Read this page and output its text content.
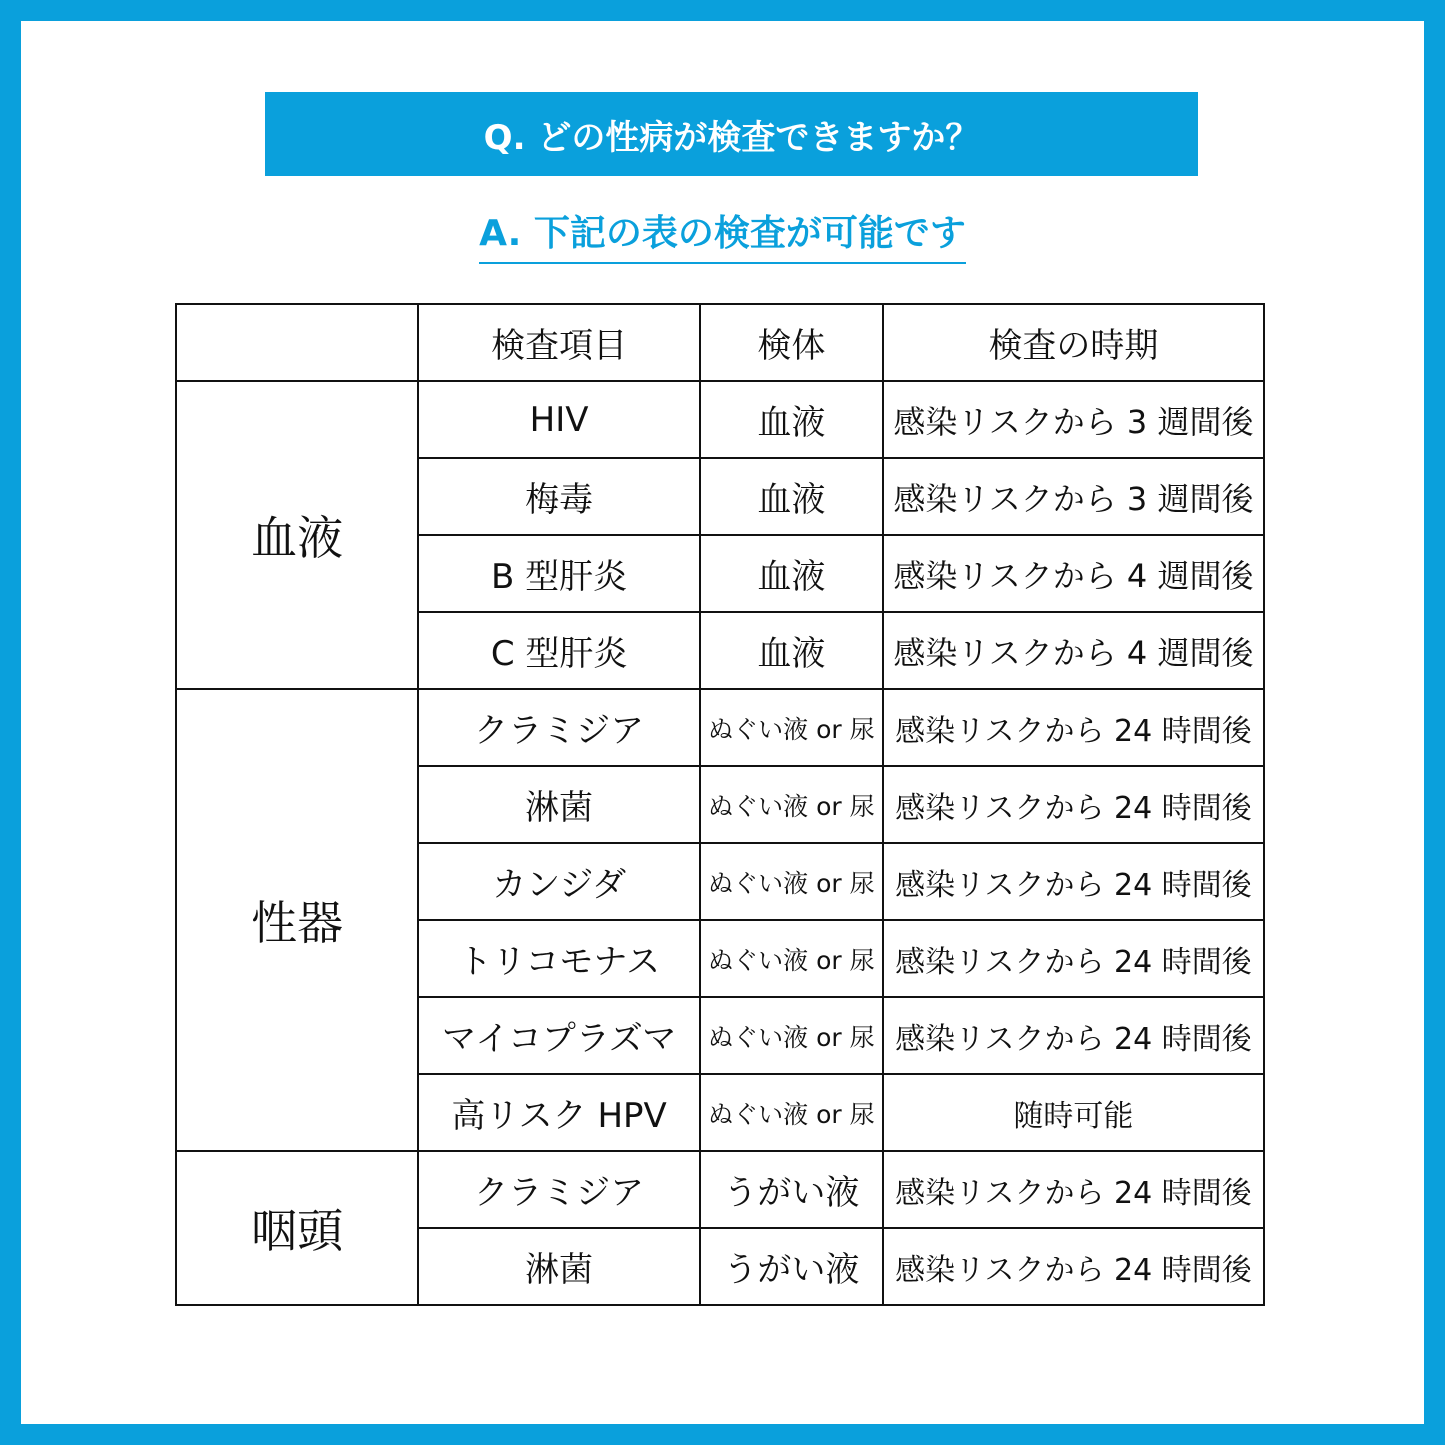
Q. どの性病が検査できますか？
A. 下記の表の検査が可能です
	検査項目	検体	検査の時期
血液	HIV	血液	感染リスクから 3 週間後
	梅毒	血液	感染リスクから 3 週間後
	B 型肝炎	血液	感染リスクから 4 週間後
	C 型肝炎	血液	感染リスクから 4 週間後
性器	クラミジア	ぬぐい液 or 尿	感染リスクから 24 時間後
	淋菌	ぬぐい液 or 尿	感染リスクから 24 時間後
	カンジダ	ぬぐい液 or 尿	感染リスクから 24 時間後
	トリコモナス	ぬぐい液 or 尿	感染リスクから 24 時間後
	マイコプラズマ	ぬぐい液 or 尿	感染リスクから 24 時間後
	高リスク HPV	ぬぐい液 or 尿	随時可能
咽頭	クラミジア	うがい液	感染リスクから 24 時間後
	淋菌	うがい液	感染リスクから 24 時間後
